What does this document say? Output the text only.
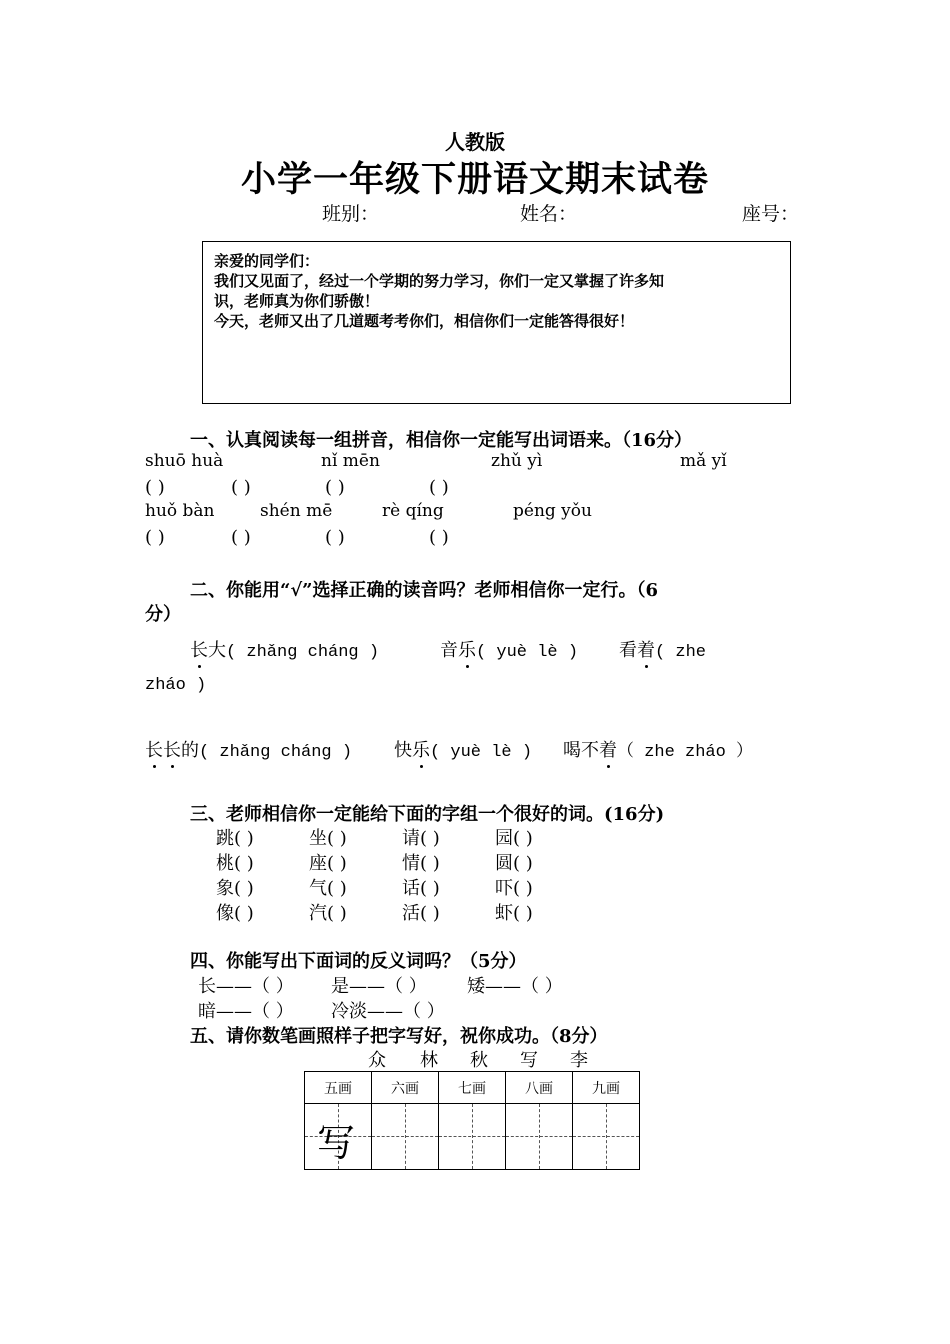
人教版
小学一年级下册语文期末试卷
班别：	姓名：	座号：
亲爱的同学们：
我们又见面了，经过一个学期的努力学习，你们一定又掌握了许多知
识，老师真为你们骄傲！
今天，老师又出了几道题考考你们，相信你们一定能答得很好！
一、认真阅读每一组拼音，相信你一定能写出词语来。（16分）
shuō huà	nǐ mēn	zhǔ yì	mǎ yǐ
( )	( )	( )	( )
huǒ bàn	shén mē	rè qíng	péng yǒu
( )	( )	( )	( )
二、你能用“√”选择正确的读音吗？老师相信你一定行。（6
分）
长大( zhǎng cháng )	音乐( yuè lè ) 看着( zhe
zháo )
长长的( zhǎng cháng ) 快乐( yuè lè ) 喝不着（ zhe zháo ）
三、老师相信你一定能给下面的字组一个很好的词。(16分)
跳( )	坐( )	请( )	园( )
桃( )	座( )	情( )	圆( )
象( )	气( )	话( )	吓( )
像( )	汽( )	活( )	虾( )
四、你能写出下面词的反义词吗？（5分）
长——（ ） 是——（ ） 矮——（ ）
暗——（ ） 冷淡——（ ）
五、请你数笔画照样子把字写好，祝你成功。（8分）
众 林 秋 写 李
五画	六画	七画	八画	九画

写				
